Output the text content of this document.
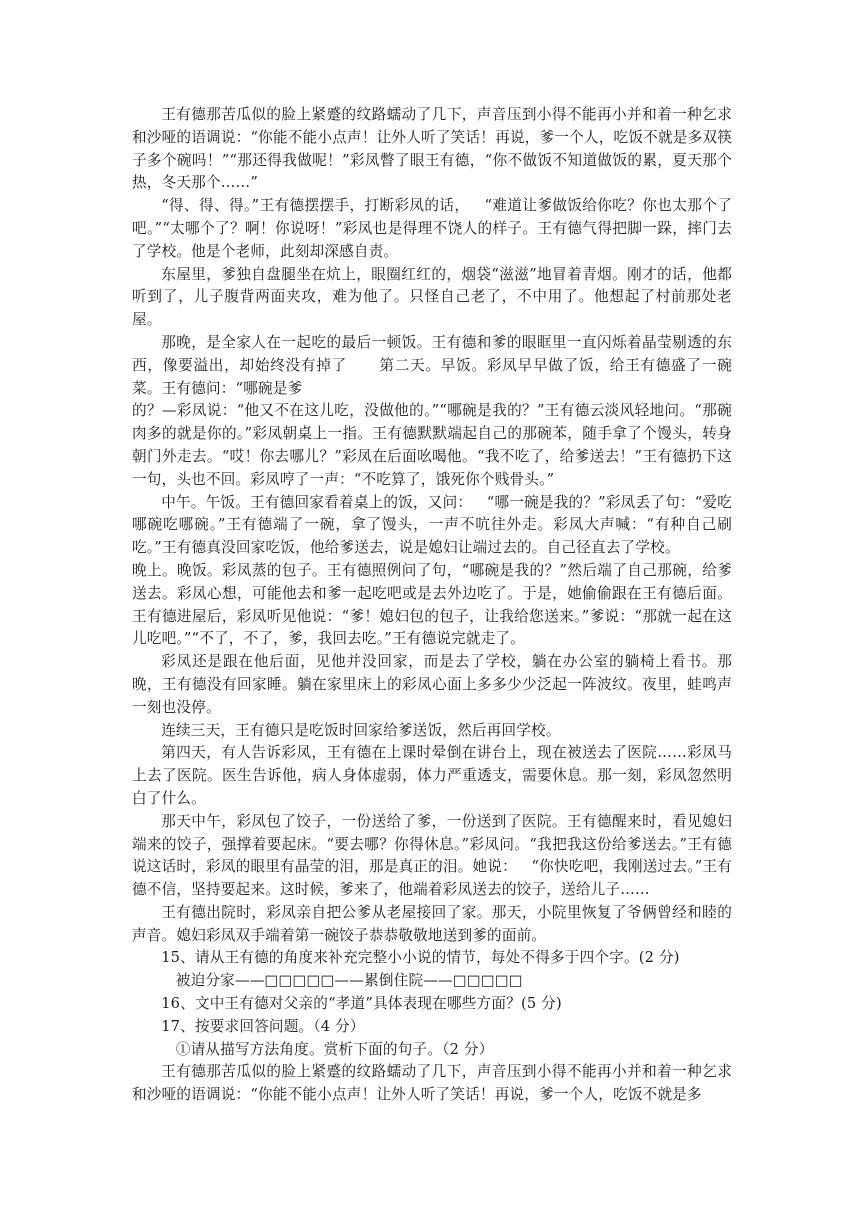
王有德那苦瓜似的脸上紧蹙的纹路蠕动了几下，声音压到小得不能再小并和着一种乞求和沙哑的语调说：“你能不能小点声！让外人听了笑话！再说，爹一个人，吃饭不就是多双筷子多个碗吗！”“那还得我做呢！”彩凤瞥了眼王有德，“你不做饭不知道做饭的累，夏天那个热，冬天那个……”

“得、得、得。”王有德摆摆手，打断彩凤的话，   “难道让爹做饭给你吃？你也太那个了吧。”“太哪个了？啊！你说呀！”彩凤也是得理不饶人的样子。王有德气得把脚一跺，摔门去了学校。他是个老师，此刻却深感自责。

东屋里，爹独自盘腿坐在炕上，眼圈红红的，烟袋“滋滋”地冒着青烟。刚才的话，他都听到了，儿子腹背两面夹攻，难为他了。只怪自己老了，不中用了。他想起了村前那处老屋。

那晚，是全家人在一起吃的最后一顿饭。王有德和爹的眼眶里一直闪烁着晶莹剔透的东西，像要溢出，却始终没有掉了      第二天。早饭。彩凤早早做了饭，给王有德盛了一碗菜。王有德问：“哪碗是爹

的？—彩凤说：“他又不在这儿吃，没做他的。”“哪碗是我的？”王有德云淡风轻地问。“那碗肉多的就是你的。”彩凤朝桌上一指。王有德默默端起自己的那碗苯，随手拿了个馒头，转身朝门外走去。“哎！你去哪儿？”彩凤在后面吆喝他。“我不吃了，给爹送去！”王有德扔下这一句，头也不回。彩凤哼了一声：“不吃算了，饿死你个贱骨头。”

中午。午饭。王有德回家看着桌上的饭，又问：   “哪一碗是我的？”彩凤丢了句：“爱吃哪碗吃哪碗。”王有德端了一碗，拿了馒头，一声不吭往外走。彩凤大声喊：“有种自己刷吃。”王有德真没回家吃饭，他给爹送去，说是媳妇让端过去的。自己径直去了学校。

晚上。晚饭。彩凤蒸的包子。王有德照例问了句，“哪碗是我的？”然后端了自己那碗，给爹送去。彩凤心想，可能他去和爹一起吃吧或是去外边吃了。于是，她偷偷跟在王有德后面。王有德进屋后，彩凤听见他说：“爹！媳妇包的包子，让我给您送来。”爹说：“那就一起在这儿吃吧。”“不了，不了，爹，我回去吃。”王有德说完就走了。

彩凤还是跟在他后面，见他并没回家，而是去了学校，躺在办公室的躺椅上看书。那晚，王有德没有回家睡。躺在家里床上的彩凤心面上多多少少泛起一阵波纹。夜里，蛙鸣声一刻也没停。

连续三天，王有德只是吃饭时回家给爹送饭，然后再回学校。

第四天，有人告诉彩凤，王有德在上课时晕倒在讲台上，现在被送去了医院……彩凤马上去了医院。医生告诉他，病人身体虚弱，体力严重透支，需要休息。那一刻，彩凤忽然明白了什么。

那天中午，彩凤包了饺子，一份送给了爹，一份送到了医院。王有德醒来时，看见媳妇端来的饺子，强撑着要起床。“要去哪？你得休息。”彩凤问。“我把我这份给爹送去。”王有德说这话时，彩凤的眼里有晶莹的泪，那是真正的泪。她说：   “你快吃吧，我刚送过去。”王有德不信，坚持要起来。这时候，爹来了，他端着彩凤送去的饺子，送给儿子……

王有德出院时，彩凤亲自把公爹从老屋接回了家。那天，小院里恢复了爷俩曾经和睦的声音。媳妇彩凤双手端着第一碗饺子恭恭敬敬地送到爹的面前。

15、请从王有德的角度来补充完整小小说的情节，每处不得多于四个字。(2 分)

被迫分家——□□□□□——累倒住院——□□□□□

16、文中王有德对父亲的“孝道”具体表现在哪些方面？(5 分)

17、按要求回答问题。（4 分）

①请从描写方法角度。赏析下面的句子。（2 分）

王有德那苦瓜似的脸上紧蹙的纹路蠕动了几下，声音压到小得不能再小并和着一种乞求和沙哑的语调说：“你能不能小点声！让外人听了笑话！再说，爹一个人，吃饭不就是多
